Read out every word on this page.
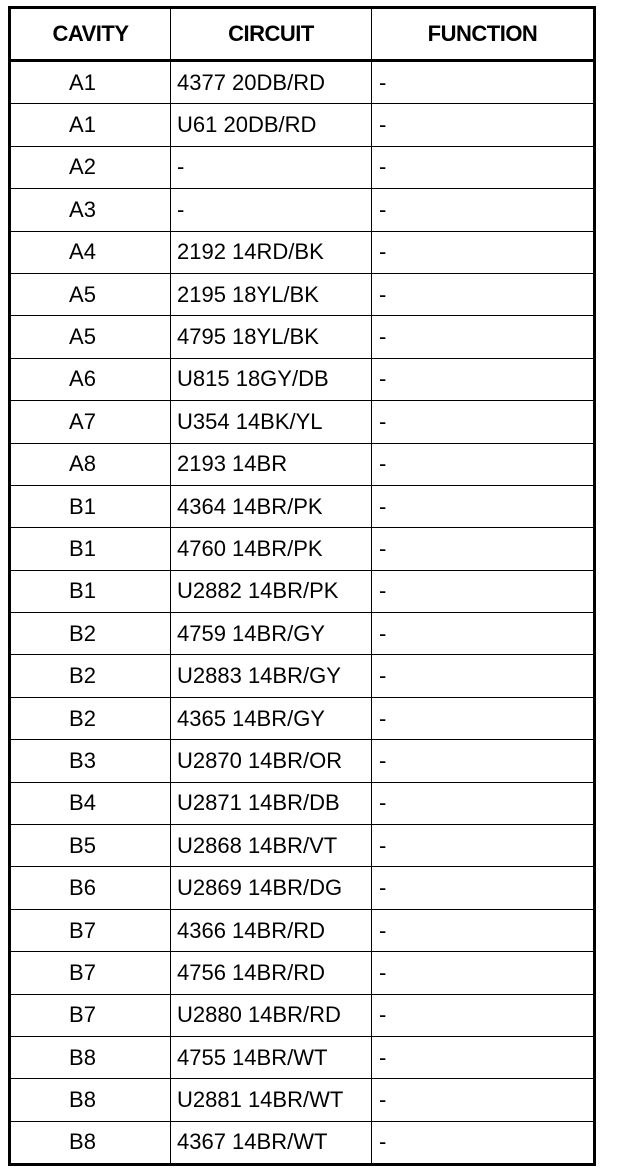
CAVITY	CIRCUIT	FUNCTION
A1	4377 20DB/RD	-
A1	U61 20DB/RD	-
A2	-	-
A3	-	-
A4	2192 14RD/BK	-
A5	2195 18YL/BK	-
A5	4795 18YL/BK	-
A6	U815 18GY/DB	-
A7	U354 14BK/YL	-
A8	2193 14BR	-
B1	4364 14BR/PK	-
B1	4760 14BR/PK	-
B1	U2882 14BR/PK	-
B2	4759 14BR/GY	-
B2	U2883 14BR/GY	-
B2	4365 14BR/GY	-
B3	U2870 14BR/OR	-
B4	U2871 14BR/DB	-
B5	U2868 14BR/VT	-
B6	U2869 14BR/DG	-
B7	4366 14BR/RD	-
B7	4756 14BR/RD	-
B7	U2880 14BR/RD	-
B8	4755 14BR/WT	-
B8	U2881 14BR/WT	-
B8	4367 14BR/WT	-
